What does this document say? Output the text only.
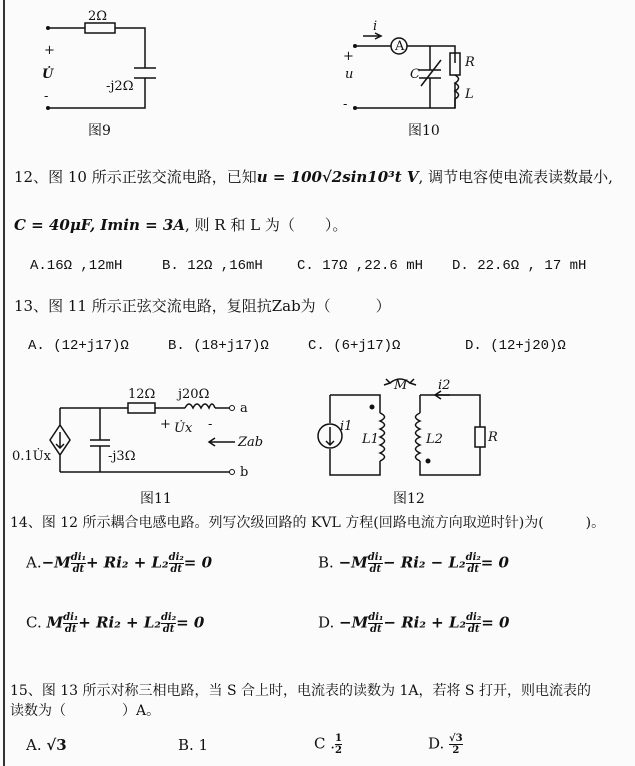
2Ω
-j2Ω
+
U̇
-
图9
A
i
+
u
-
C
R
L
图10
12、图 10 所示正弦交流电路，已知u = 100√2sin10³t V, 调节电容使电流表读数最小,
C = 40μF, Imin = 3A, 则 R 和 L 为（　　）。
A.16Ω ,12mH	B. 12Ω ,16mH C. 17Ω ,22.6 mH D. 22.6Ω , 17 mH
13、图 11 所示正弦交流电路，复阻抗Zab为（　　　）
A. (12+j17)Ω	B. (18+j17)Ω	C. (6+j17)Ω	D. (12+j20)Ω
12Ω j20Ω
0.1U̇x	-j3Ω
+ U̇x -
Zab
a
b
图11
M i2
i1
L1	L2	R
图12
14、图 12 所示耦合电感电路。列写次级回路的 KVL 方程(回路电流方向取逆时针)为(　　　)。
$A.-M \frac{\text{di₁}}{dt} + Ri_2 + L_2 \frac{\text{di₂}}{dt} = 0$	B. $-M \frac{\text{di₁}}{dt} - Ri_2 - L_2 \frac{\text{di₂}}{dt} = 0$
C. M $\frac{\text{di₁}}{dt} + Ri_2 + L_2 \frac{\text{di₂}}{dt} = 0$	D. $-M \frac{\text{di₁}}{dt} - Ri_2 + L_2 \frac{\text{di₂}}{dt} = 0$
15、图 13 所示对称三相电路，当 S 合上时，电流表的读数为 1A，若将 S 打开，则电流表的
读数为（　　　　）A。
A. √3	B. 1	C . $\frac{1}{2}$	D. $\frac{√3}{2}$
